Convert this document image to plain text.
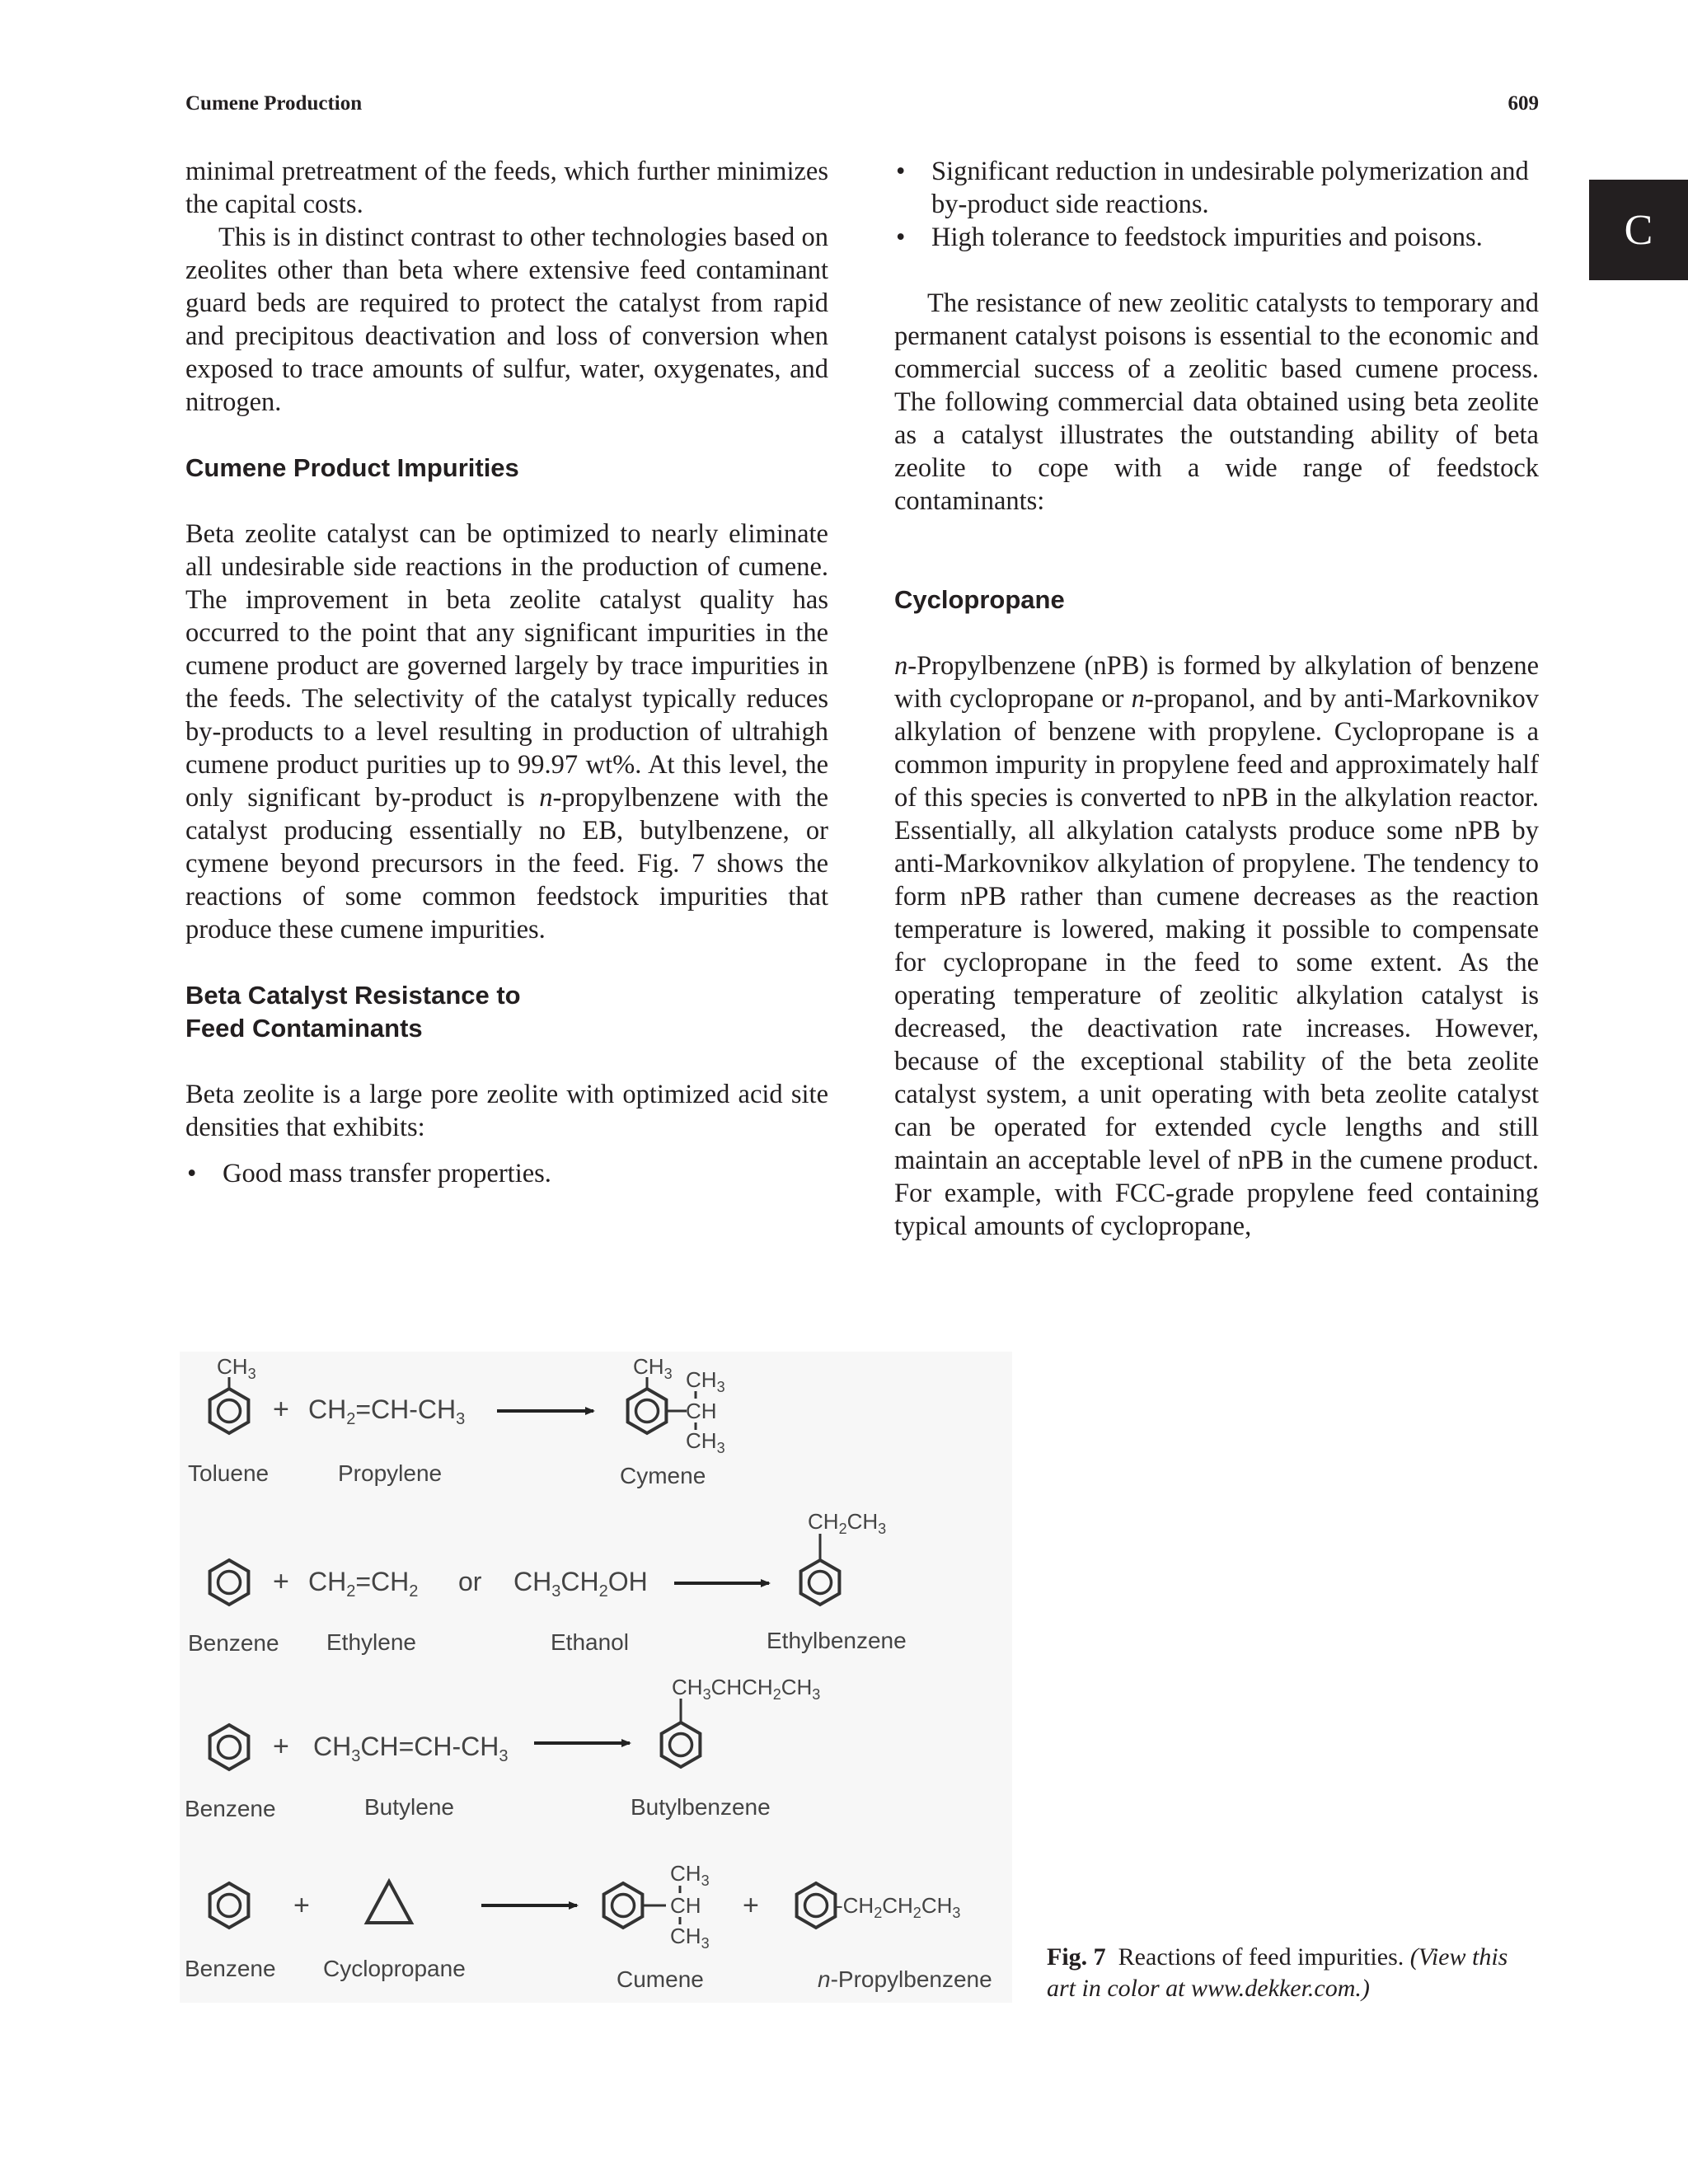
Cumene Production	609
C

minimal pretreatment of the feeds, which further minimizes the capital costs.

This is in distinct contrast to other technologies based on zeolites other than beta where extensive feed contaminant guard beds are required to protect the catalyst from rapid and precipitous deactivation and loss of conversion when exposed to trace amounts of sulfur, water, oxygenates, and nitrogen.

Cumene Product Impurities

Beta zeolite catalyst can be optimized to nearly eliminate all undesirable side reactions in the production of cumene. The improvement in beta zeolite catalyst quality has occurred to the point that any significant impurities in the cumene product are governed largely by trace impurities in the feeds. The selectivity of the catalyst typically reduces by-products to a level resulting in production of ultrahigh cumene product purities up to 99.97 wt%. At this level, the only significant by-product is n-propylbenzene with the catalyst producing essentially no EB, butylbenzene, or cymene beyond precursors in the feed. Fig. 7 shows the reactions of some common feedstock impurities that produce these cumene impurities.

Beta Catalyst Resistance to
Feed Contaminants

Beta zeolite is a large pore zeolite with optimized acid site densities that exhibits:

• Good mass transfer properties.
• Significant reduction in undesirable polymerization and by-product side reactions.
• High tolerance to feedstock impurities and poisons.

The resistance of new zeolitic catalysts to temporary and permanent catalyst poisons is essential to the economic and commercial success of a zeolitic based cumene process. The following commercial data obtained using beta zeolite as a catalyst illustrates the outstanding ability of beta zeolite to cope with a wide range of feedstock contaminants:

Cyclopropane

n-Propylbenzene (nPB) is formed by alkylation of benzene with cyclopropane or n-propanol, and by anti-Markovnikov alkylation of benzene with propylene. Cyclopropane is a common impurity in propylene feed and approximately half of this species is converted to nPB in the alkylation reactor. Essentially, all alkylation catalysts produce some nPB by anti-Markovnikov alkylation of propylene. The tendency to form nPB rather than cumene decreases as the reaction temperature is lowered, making it possible to compensate for cyclopropane in the feed to some extent. As the operating temperature of zeolitic alkylation catalyst is decreased, the deactivation rate increases. However, because of the exceptional stability of the beta zeolite catalyst system, a unit operating with beta zeolite catalyst can be operated for extended cycle lengths and still maintain an acceptable level of nPB in the cumene product. For example, with FCC-grade propylene feed containing typical amounts of cyclopropane,

$CH_3$
+ $CH_2=CH-CH_3$
$CH_3$ $CH_3$
CH
$CH_3$
Toluene	Propylene	Cymene
+ $CH_2=CH_2$ or $CH_3CH_2OH$
$CH_2CH_3$
Benzene Ethylene	Ethanol	Ethylbenzene
+ $CH_3CH=CH-CH_3$
$CH_3CHCH_2CH_3$
Benzene	Butylene	Butylbenzene
+
$CH_3$
CH
$CH_3$
+	$-CH_2CH_2CH_3$
Benzene Cyclopropane	Cumene	n-Propylbenzene
Fig. 7 Reactions of feed impurities. (View this art in color at www.dekker.com.)
